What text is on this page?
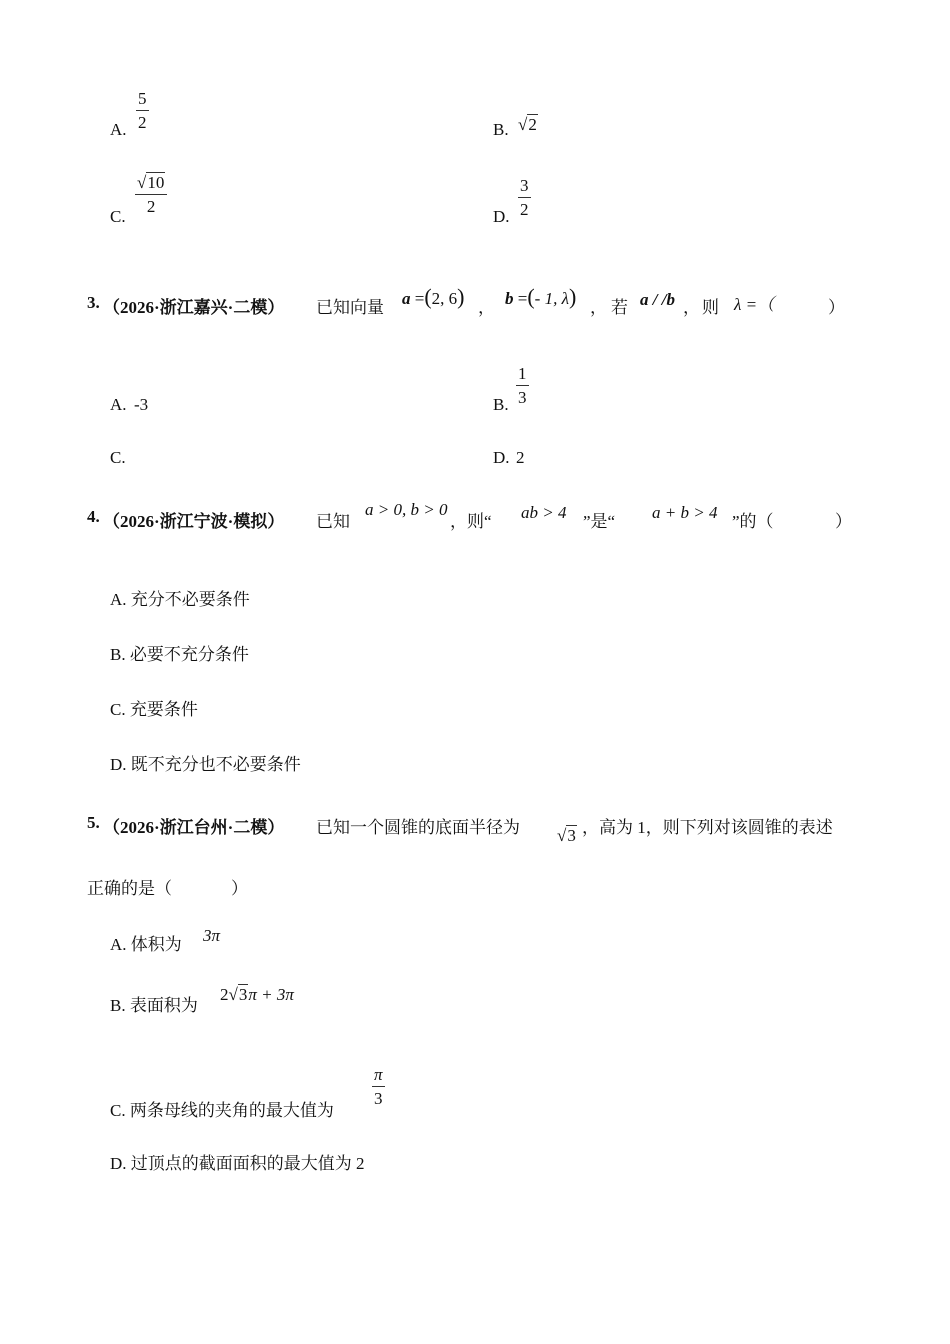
A.
5
2	B. √2
C.
√10
2
D.
3
2
3. （2026·浙江嘉兴·二模） 已知向量 a =(2, 6) ， b =(- 1, λ) ， 若 a / /b ， 则 λ =（	）
A. -3	B.
1
3
C.	D. 2
4. （2026·浙江宁波·模拟） 已知
a > 0, b > 0
，则“ ab > 4 ”是“ a + b > 4 ”的（	）
A. 充分不必要条件
B. 必要不充分条件
C. 充要条件
D. 既不充分也不必要条件
5. （2026·浙江台州·二模） 已知一个圆锥的底面半径为 √3 ，高为 1，则下列对该圆锥的表述
正确的是（	）
A. 体积为 3π
B. 表面积为
2√3π + 3π
C. 两条母线的夹角的最大值为
π
3
D. 过顶点的截面面积的最大值为 2
